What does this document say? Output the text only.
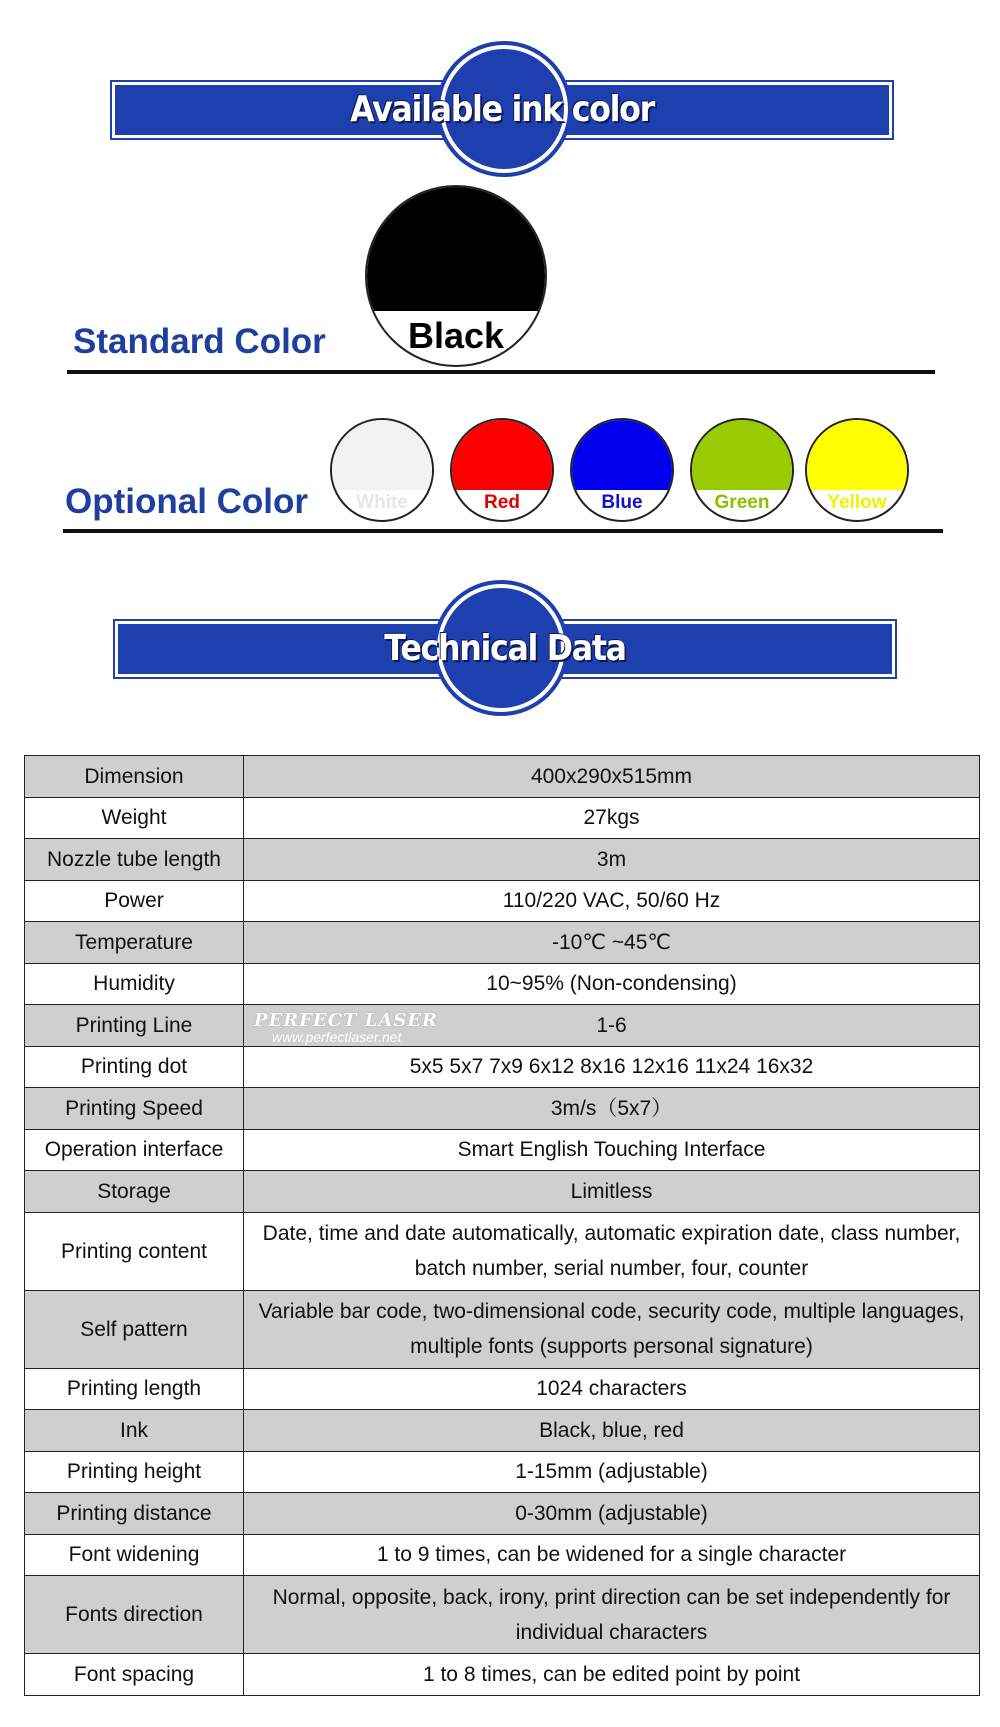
Available ink color
Standard Color	Black
Optional Color	White	Red	Blue	Green	Yellow
Technical Data
Dimension	400x290x515mm
Weight	27kgs
Nozzle tube length	3m
Power	110/220 VAC, 50/60 Hz
Temperature	-10℃ ~45℃
Humidity	10~95% (Non-condensing)
Printing Line	1-6
Printing dot	5x5 5x7 7x9 6x12 8x16 12x16 11x24 16x32
Printing Speed	3m/s（5x7）
Operation interface	Smart English Touching Interface
Storage	Limitless
Printing content	Date, time and date automatically, automatic expiration date, class number, batch number, serial number, four, counter
Self pattern	Variable bar code, two-dimensional code, security code, multiple languages, multiple fonts (supports personal signature)
Printing length	1024 characters
Ink	Black, blue, red
Printing height	1-15mm (adjustable)
Printing distance	0-30mm (adjustable)
Font widening	1 to 9 times, can be widened for a single character
Fonts direction	Normal, opposite, back, irony, print direction can be set independently for individual characters
Font spacing	1 to 8 times, can be edited point by point
PERFECT LASER
www.perfectlaser.net
